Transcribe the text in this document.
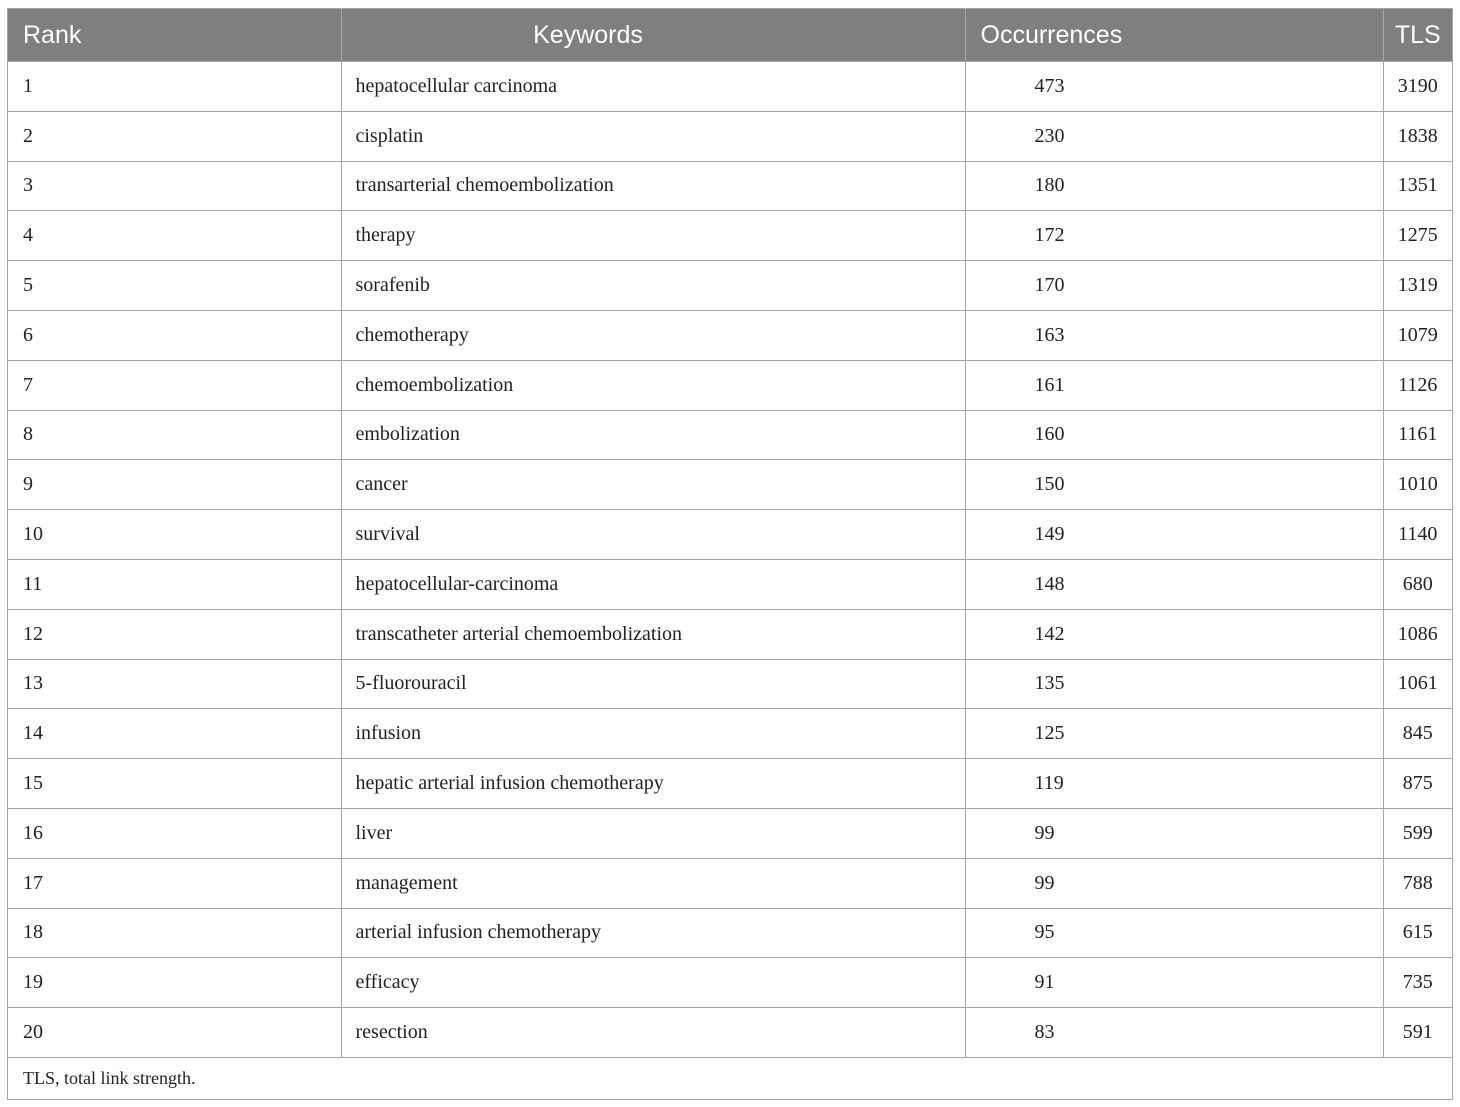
Rank	Keywords	Occurrences	TLS
1	hepatocellular carcinoma	473	3190
2	cisplatin	230	1838
3	transarterial chemoembolization	180	1351
4	therapy	172	1275
5	sorafenib	170	1319
6	chemotherapy	163	1079
7	chemoembolization	161	1126
8	embolization	160	1161
9	cancer	150	1010
10	survival	149	1140
11	hepatocellular-carcinoma	148	680
12	transcatheter arterial chemoembolization	142	1086
13	5-fluorouracil	135	1061
14	infusion	125	845
15	hepatic arterial infusion chemotherapy	119	875
16	liver	99	599
17	management	99	788
18	arterial infusion chemotherapy	95	615
19	efficacy	91	735
20	resection	83	591
TLS, total link strength.
